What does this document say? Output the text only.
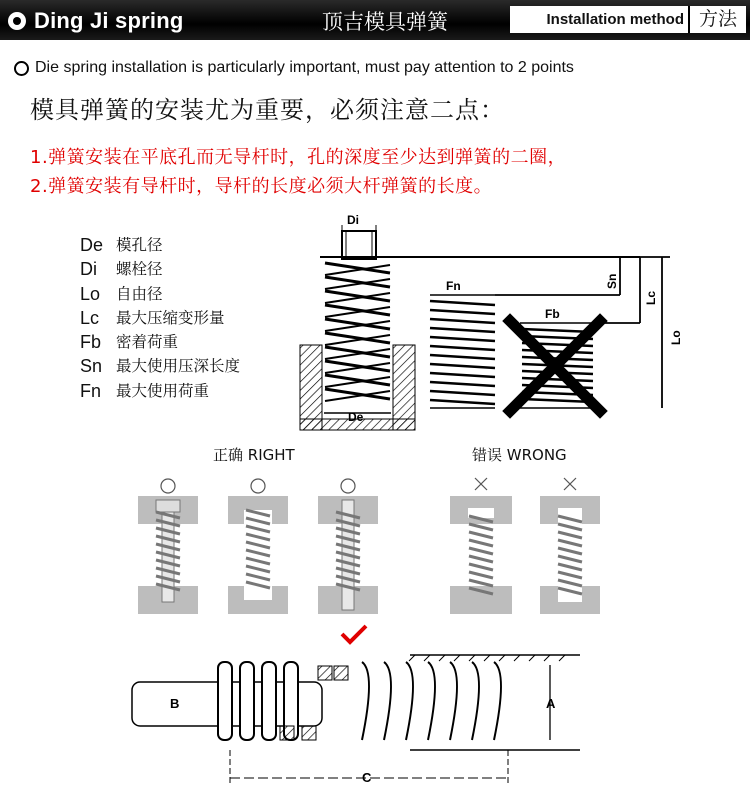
Ding Ji spring	顶吉模具弹簧	Installation method 方法
Die spring installation is particularly important, must pay attention to 2 points
模具弹簧的安装尤为重要，必须注意二点：
1.弹簧安装在平底孔而无导杆时，孔的深度至少达到弹簧的二圈，
2.弹簧安装有导杆时，导杆的长度必须大杆弹簧的长度。
De 模孔径
Di	螺栓径
Lo	自由径
Lc	最大压缩变形量
Fb 密着荷重
Sn 最大使用压深长度
Fn 最大使用荷重
Di
De
Fn
Fb
Sn
Lc
Lo
正确 RIGHT	错误 WRONG
B	A
C
